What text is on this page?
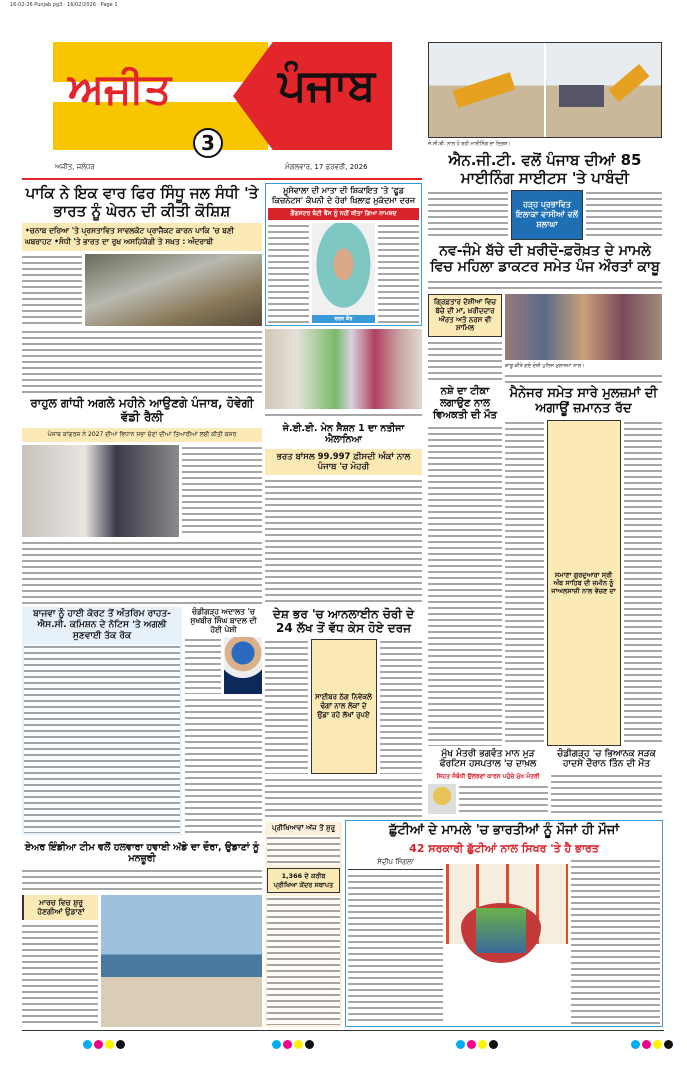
16-02-26 Punjab pg3 · 16/02/2026 · Page 1
ਅਜੀਤ ਪੰਜਾਬ
3
ਅਜੀਤ, ਜਲੰਧਰ	ਮੰਗਲਵਾਰ, 17 ਫ਼ਰਵਰੀ, 2026
ਜੇ.ਸੀ.ਬੀ. ਨਾਲ ਹੋ ਰਹੀ ਮਾਈਨਿੰਗ ਦਾ ਦ੍ਰਿਸ਼।
ਐਨ.ਜੀ.ਟੀ. ਵਲੋਂ ਪੰਜਾਬ ਦੀਆਂ 85 ਮਾਈਨਿੰਗ ਸਾਈਟਸ 'ਤੇ ਪਾਬੰਦੀ
ਹੜ੍ਹ ਪ੍ਰਭਾਵਿਤ ਇਲਾਕਾ ਵਾਸੀਆਂ ਵਲੋਂ ਸ਼ਲਾਘਾ
ਨਵ-ਜੰਮੇ ਬੱਚੇ ਦੀ ਖ਼ਰੀਦੋ-ਫ਼ਰੋਖ਼ਤ ਦੇ ਮਾਮਲੇ ਵਿਚ ਮਹਿਲਾ ਡਾਕਟਰ ਸਮੇਤ ਪੰਜ ਔਰਤਾਂ ਕਾਬੂ
ਗ੍ਰਿਫ਼ਤਾਰ ਦੋਸ਼ੀਆਂ ਵਿਚ ਬੱਚੇ ਦੀ ਮਾਂ, ਖ਼ਰੀਦਦਾਰ ਔਰਤ ਅਤੇ ਨਰਸ ਵੀ ਸ਼ਾਮਿਲ
ਕਾਬੂ ਕੀਤੇ ਗਏ ਦੋਸ਼ੀ ਪੁਲਿਸ ਮੁਲਾਜ਼ਮਾਂ ਨਾਲ।
ਨਸ਼ੇ ਦਾ ਟੀਕਾ ਲਗਾਉਣ ਨਾਲ ਵਿਅਕਤੀ ਦੀ ਮੌਤ
ਮੈਨੇਜਰ ਸਮੇਤ ਸਾਰੇ ਮੁਲਜ਼ਮਾਂ ਦੀ ਅਗਾਊਂ ਜ਼ਮਾਨਤ ਰੱਦ
ਸਮਾਣਾ ਗੁਰਦੁਆਰਾ ਸ੍ਰੀ ਅੰਬ ਸਾਹਿਬ ਦੀ ਜ਼ਮੀਨ ਨੂੰ ਜਾਅਲਸਾਜ਼ੀ ਨਾਲ ਵੇਚਣ ਦਾ
ਮੁੱਖ ਮੰਤਰੀ ਭਗਵੰਤ ਮਾਨ ਮੁੜ ਫੋਰਟਿਸ ਹਸਪਤਾਲ 'ਚ ਦਾਖ਼ਲ
ਸਿਹਤ ਸੰਬੰਧੀ ਉਲਝਣਾਂ ਕਾਰਨ ਪਹੁੰਚੇ ਮੁੱਖ ਮੰਤਰੀ
ਚੰਡੀਗੜ੍ਹ 'ਚ ਭਿਆਨਕ ਸੜਕ ਹਾਦਸੇ ਦੌਰਾਨ ਤਿੰਨ ਦੀ ਮੌਤ
ਪਾਕਿ ਨੇ ਇਕ ਵਾਰ ਫਿਰ ਸਿੰਧੂ ਜਲ ਸੰਧੀ 'ਤੇ ਭਾਰਤ ਨੂੰ ਘੇਰਨ ਦੀ ਕੀਤੀ ਕੋਸ਼ਿਸ਼
•ਚਨਾਬ ਦਰਿਆ 'ਤੇ ਪ੍ਰਸਤਾਵਿਤ ਸਾਵਲਕੋਟ ਪ੍ਰਾਜੈਕਟ ਕਾਰਨ ਪਾਕਿ 'ਚ ਬਣੀ ਘਬਰਾਹਟ •ਸੰਧੀ 'ਤੇ ਭਾਰਤ ਦਾ ਰੁਖ਼ ਅਸਹਿਯੋਗੀ ਤੇ ਸਖ਼ਤ : ਅੰਦਰਾਬੀ
ਰਾਹੁਲ ਗਾਂਧੀ ਅਗਲੇ ਮਹੀਨੇ ਆਉਣਗੇ ਪੰਜਾਬ, ਹੋਵੇਗੀ ਵੱਡੀ ਰੈਲੀ
ਪੰਜਾਬ ਕਾਂਗਰਸ ਨੇ 2027 ਦੀਆਂ ਵਿਧਾਨ ਸਭਾ ਚੋਣਾਂ ਦੀਆਂ ਤਿਆਰੀਆਂ ਲਈ ਕੀਤੀ ਕਸਰ
ਮੂਸੇਵਾਲਾ ਦੀ ਮਾਤਾ ਦੀ ਸ਼ਿਕਾਇਤ 'ਤੇ 'ਫੂਡ ਕਿਚਨੇਟਸ' ਕੰਪਨੀ ਦੇ ਹੋਰਾਂ ਖ਼ਿਲਾਫ਼ ਮੁਕੱਦਮਾ ਦਰਜ
ਗੈਂਗਸਟਰ ਬੰਟੀ ਬੈਂਸ ਨੂੰ ਨਹੀਂ ਕੀਤਾ ਗਿਆ ਨਾਮਜ਼ਦ
ਚਰਨ ਕੌਰ
ਜੇ.ਈ.ਈ. ਮੇਨ ਸੈਸ਼ਨ 1 ਦਾ ਨਤੀਜਾ ਐਲਾਨਿਆ
ਭਰਤ ਬਾਂਸਲ 99.997 ਫ਼ੀਸਦੀ ਅੰਕਾਂ ਨਾਲ ਪੰਜਾਬ 'ਚ ਮੋਹਰੀ
ਬਾਜਵਾ ਨੂੰ ਹਾਈ ਕੋਰਟ ਤੋਂ ਅੰਤਰਿਮ ਰਾਹਤ-ਐਸ.ਸੀ. ਕਮਿਸ਼ਨ ਦੇ ਨੋਟਿਸ 'ਤੇ ਅਗਲੀ ਸੁਣਵਾਈ ਤੱਕ ਰੋਕ
ਚੰਡੀਗੜ੍ਹ ਅਦਾਲਤ 'ਚ ਸੁਖਬੀਰ ਸਿੰਘ ਬਾਦਲ ਦੀ ਹੋਈ ਪੇਸ਼ੀ
ਦੇਸ਼ ਭਰ 'ਚ ਆਨਲਾਈਨ ਚੋਰੀ ਦੇ 24 ਲੱਖ ਤੋਂ ਵੱਧ ਕੇਸ ਹੋਏ ਦਰਜ
ਸਾਈਬਰ ਠੱਗ ਨਿਵੇਕਲੇ ਢੰਗਾਂ ਨਾਲ ਲੋਕਾਂ ਦੇ ਉਡਾ ਰਹੇ ਲੱਖਾਂ ਰੁਪਏ
ਏਅਰ ਇੰਡੀਆ ਟੀਮ ਵਲੋਂ ਹਲਵਾਰਾ ਹਵਾਈ ਅੱਡੇ ਦਾ ਦੌਰਾ, ਉਡਾਣਾਂ ਨੂੰ ਮਨਜ਼ੂਰੀ
ਮਾਰਚ ਵਿਚ ਸ਼ੁਰੂ ਹੋਣਗੀਆਂ ਉਡਾਣਾਂ
ਪ੍ਰੀਖਿਆਵਾਂ ਅੱਜ ਤੋਂ ਸ਼ੁਰੂ
1,366 ਦੇ ਕਰੀਬ ਪ੍ਰੀਖਿਆ ਕੇਂਦਰ ਸਥਾਪਤ
ਛੁੱਟੀਆਂ ਦੇ ਮਾਮਲੇ 'ਚ ਭਾਰਤੀਆਂ ਨੂੰ ਮੌਜਾਂ ਹੀ ਮੌਜਾਂ
42 ਸਰਕਾਰੀ ਛੁੱਟੀਆਂ ਨਾਲ ਸਿਖਰ 'ਤੇ ਹੈ ਭਾਰਤ
ਸੰਦੀਪ ਸਿੰਗਲਾ
